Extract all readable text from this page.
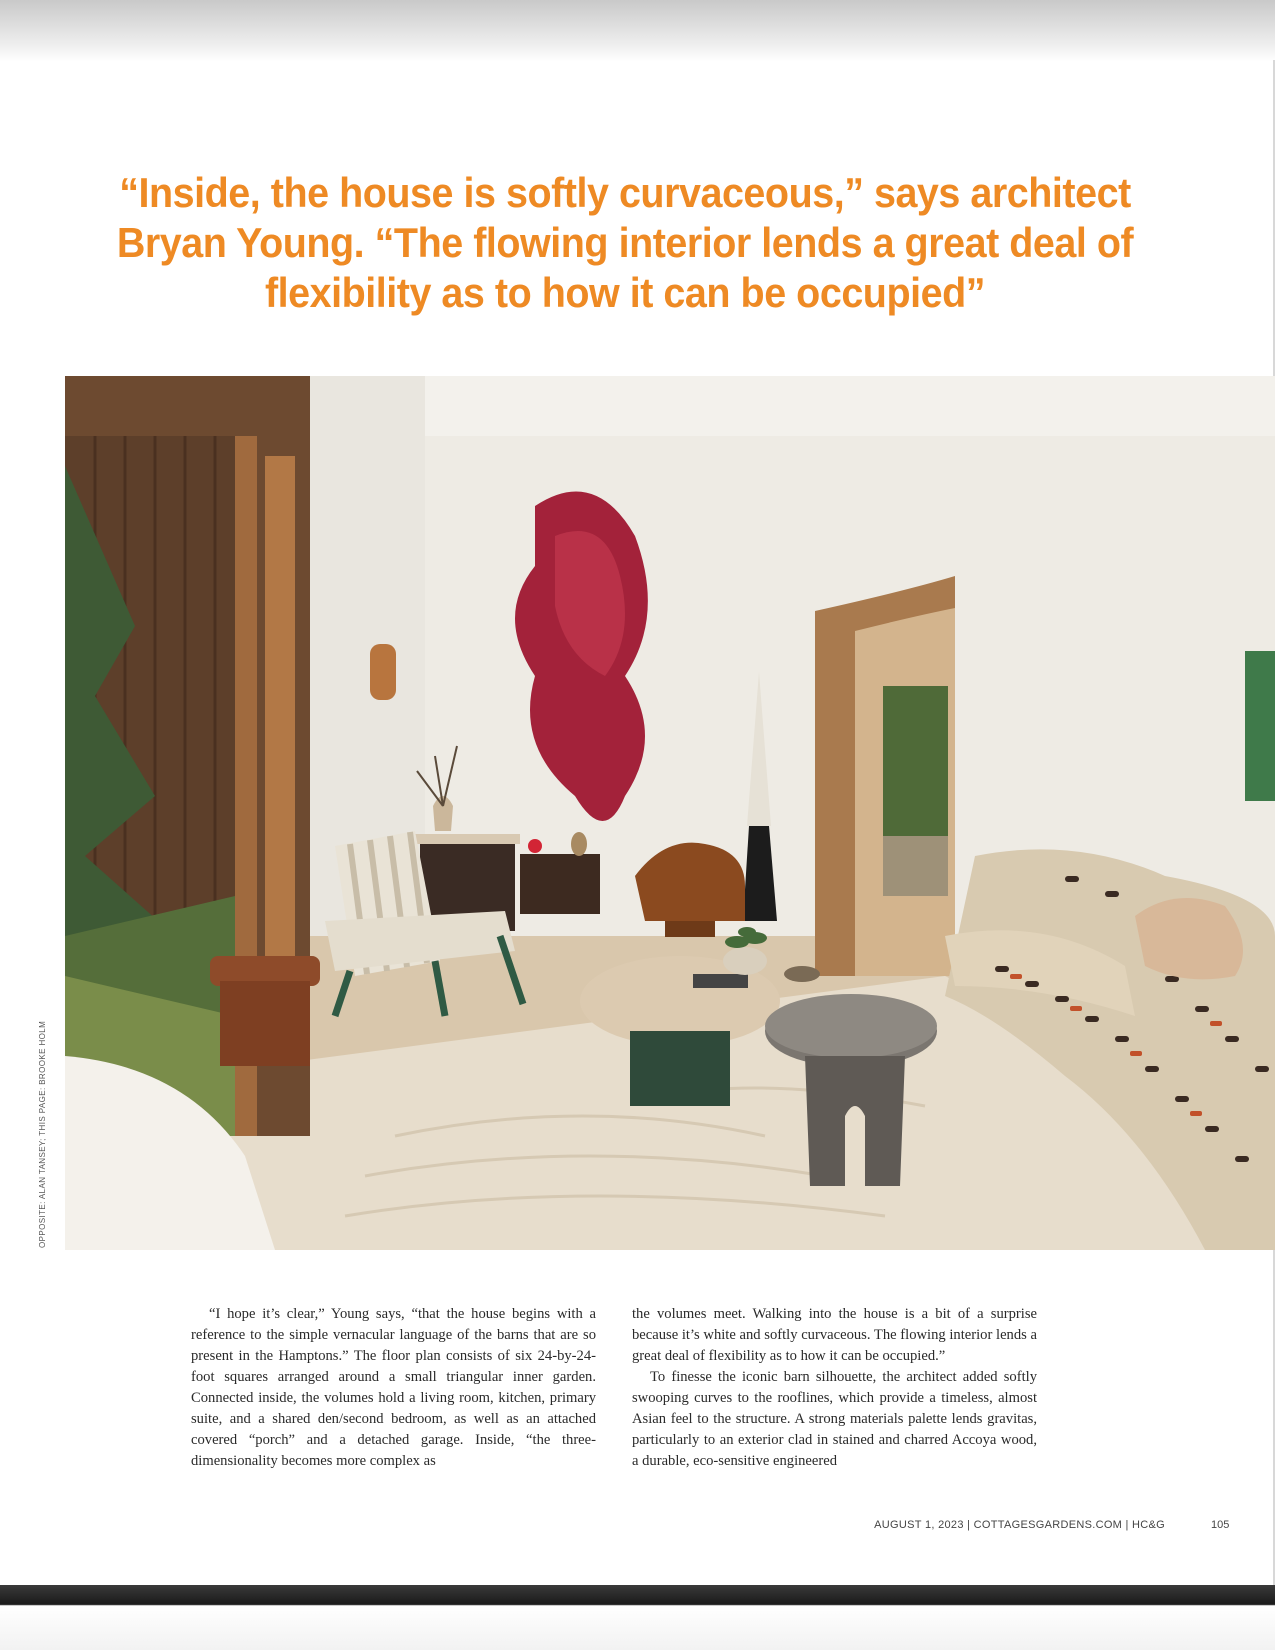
“Inside, the house is softly curvaceous,” says architect Bryan Young. “The flowing interior lends a great deal of flexibility as to how it can be occupied”
OPPOSITE: ALAN TANSEY; THIS PAGE: BROOKE HOLM

“I hope it’s clear,” Young says, “that the house begins with a reference to the simple vernacular language of the barns that are so present in the Hamptons.” The floor plan consists of six 24-by-24-foot squares arranged around a small triangular inner garden. Connected inside, the volumes hold a living room, kitchen, primary suite, and a shared den/second bedroom, as well as an attached covered “porch” and a detached garage. Inside, “the three-dimensionality becomes more complex as

the volumes meet. Walking into the house is a bit of a surprise because it’s white and softly curvaceous. The flowing interior lends a great deal of flexibility as to how it can be occupied.”

To finesse the iconic barn silhouette, the architect added softly swooping curves to the rooflines, which provide a timeless, almost Asian feel to the structure. A strong materials palette lends gravitas, particularly to an exterior clad in stained and charred Accoya wood, a durable, eco-sensitive engineered

AUGUST 1, 2023 | COTTAGESGARDENS.COM | HC&G	105
